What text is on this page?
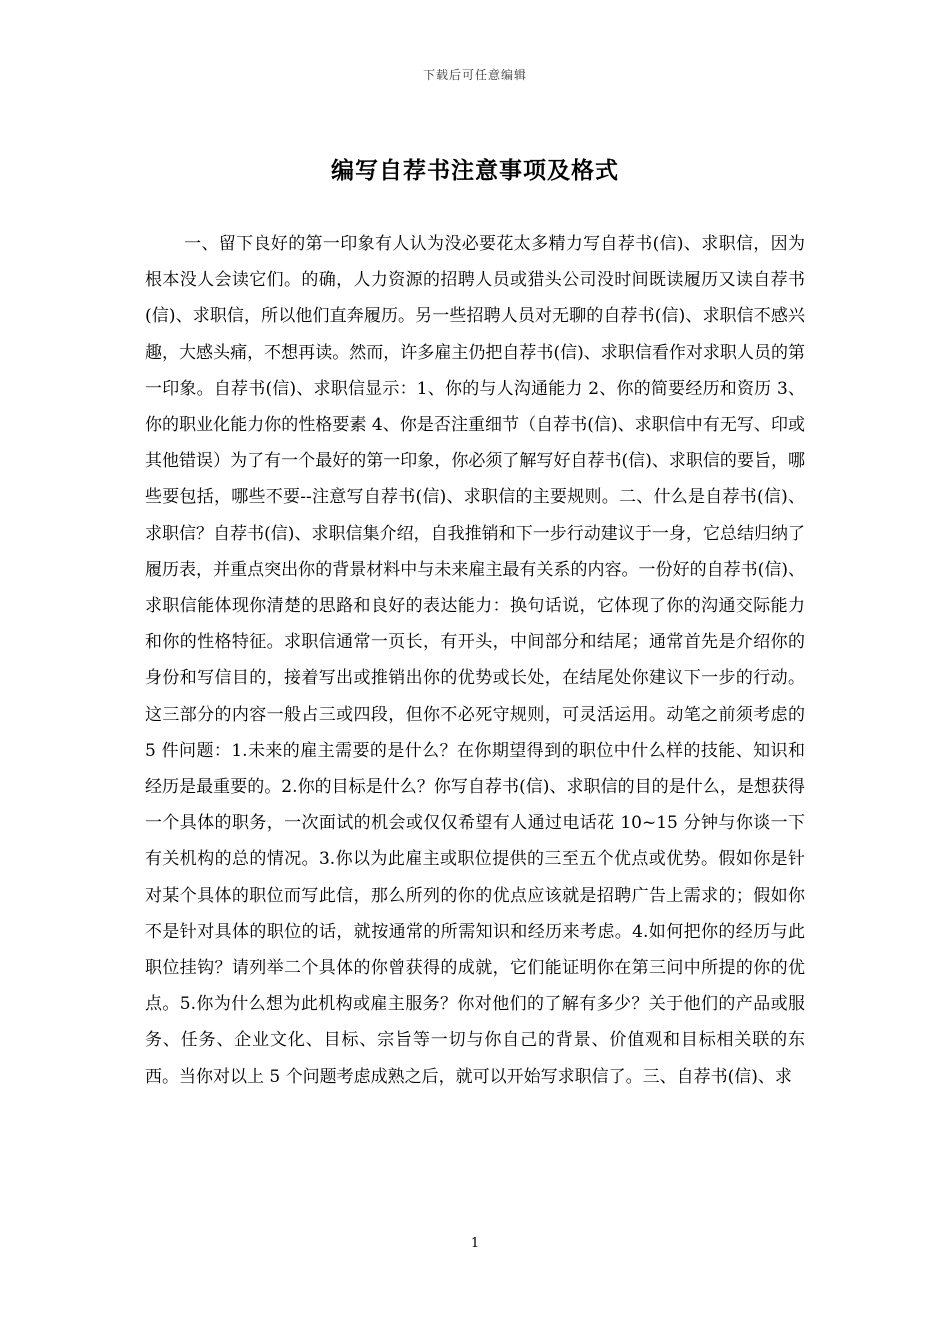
下载后可任意编辑
编写自荐书注意事项及格式

一、留下良好的第一印象有人认为没必要花太多精力写自荐书(信)、求职信，因为根本没人会读它们。的确，人力资源的招聘人员或猎头公司没时间既读履历又读自荐书(信)、求职信，所以他们直奔履历。另一些招聘人员对无聊的自荐书(信)、求职信不感兴趣，大感头痛，不想再读。然而，许多雇主仍把自荐书(信)、求职信看作对求职人员的第一印象。自荐书(信)、求职信显示：1、你的与人沟通能力 2、你的简要经历和资历 3、你的职业化能力你的性格要素 4、你是否注重细节（自荐书(信)、求职信中有无写、印或其他错误）为了有一个最好的第一印象，你必须了解写好自荐书(信)、求职信的要旨，哪些要包括，哪些不要--注意写自荐书(信)、求职信的主要规则。二、什么是自荐书(信)、求职信？自荐书(信)、求职信集介绍，自我推销和下一步行动建议于一身，它总结归纳了履历表，并重点突出你的背景材料中与未来雇主最有关系的内容。一份好的自荐书(信)、求职信能体现你清楚的思路和良好的表达能力：换句话说，它体现了你的沟通交际能力和你的性格特征。求职信通常一页长，有开头，中间部分和结尾；通常首先是介绍你的身份和写信目的，接着写出或推销出你的优势或长处，在结尾处你建议下一步的行动。这三部分的内容一般占三或四段，但你不必死守规则，可灵活运用。动笔之前须考虑的 5 件问题：1.未来的雇主需要的是什么？在你期望得到的职位中什么样的技能、知识和经历是最重要的。2.你的目标是什么？你写自荐书(信)、求职信的目的是什么，是想获得一个具体的职务，一次面试的机会或仅仅希望有人通过电话花 10~15 分钟与你谈一下有关机构的总的情况。3.你以为此雇主或职位提供的三至五个优点或优势。假如你是针对某个具体的职位而写此信，那么所列的你的优点应该就是招聘广告上需求的；假如你不是针对具体的职位的话，就按通常的所需知识和经历来考虑。4.如何把你的经历与此职位挂钩？请列举二个具体的你曾获得的成就，它们能证明你在第三问中所提的你的优点。5.你为什么想为此机构或雇主服务？你对他们的了解有多少？关于他们的产品或服务、任务、企业文化、目标、宗旨等一切与你自己的背景、价值观和目标相关联的东西。当你对以上 5 个问题考虑成熟之后，就可以开始写求职信了。三、自荐书(信)、求

1
